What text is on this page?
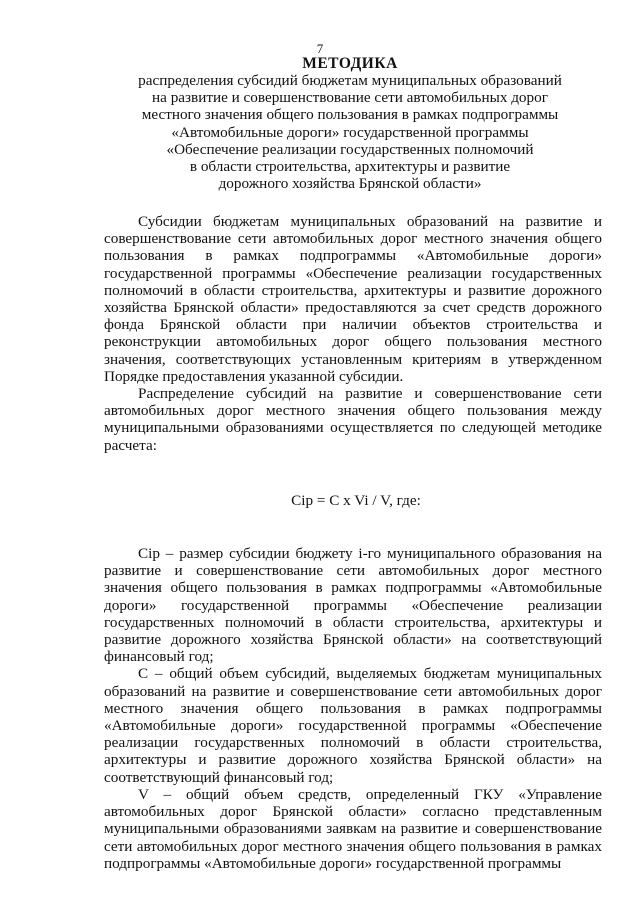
7
МЕТОДИКА
распределения субсидий бюджетам муниципальных образований
на развитие и совершенствование сети автомобильных дорог
местного значения общего пользования в рамках подпрограммы
«Автомобильные дороги» государственной программы
«Обеспечение реализации государственных полномочий
в области строительства, архитектуры и развитие
дорожного хозяйства Брянской области»

Субсидии бюджетам муниципальных образований на развитие и совершенствование сети автомобильных дорог местного значения общего пользования в рамках подпрограммы «Автомобильные дороги» государственной программы «Обеспечение реализации государственных полномочий в области строительства, архитектуры и развитие дорожного хозяйства Брянской области» предоставляются за счет средств дорожного фонда Брянской области при наличии объектов строительства и реконструкции автомобильных дорог общего пользования местного значения, соответствующих установленным критериям в утвержденном Порядке предоставления указанной субсидии.

Распределение субсидий на развитие и совершенствование сети автомобильных дорог местного значения общего пользования между муниципальными образованиями осуществляется по следующей методике расчета:

Сip = С x Vi / V, где:

Сip – размер субсидии бюджету i-го муниципального образования на развитие и совершенствование сети автомобильных дорог местного значения общего пользования в рамках подпрограммы «Автомобильные дороги» государственной программы «Обеспечение реализации государственных полномочий в области строительства, архитектуры и развитие дорожного хозяйства Брянской области» на соответствующий финансовый год;

С – общий объем субсидий, выделяемых бюджетам муниципальных образований на развитие и совершенствование сети автомобильных дорог местного значения общего пользования в рамках подпрограммы «Автомобильные дороги» государственной программы «Обеспечение реализации государственных полномочий в области строительства, архитектуры и развитие дорожного хозяйства Брянской области» на соответствующий финансовый год;

V – общий объем средств, определенный ГКУ «Управление автомобильных дорог Брянской области» согласно представленным муниципальными образованиями заявкам на развитие и совершенствование сети автомобильных дорог местного значения общего пользования в рамках подпрограммы «Автомобильные дороги» государственной программы
